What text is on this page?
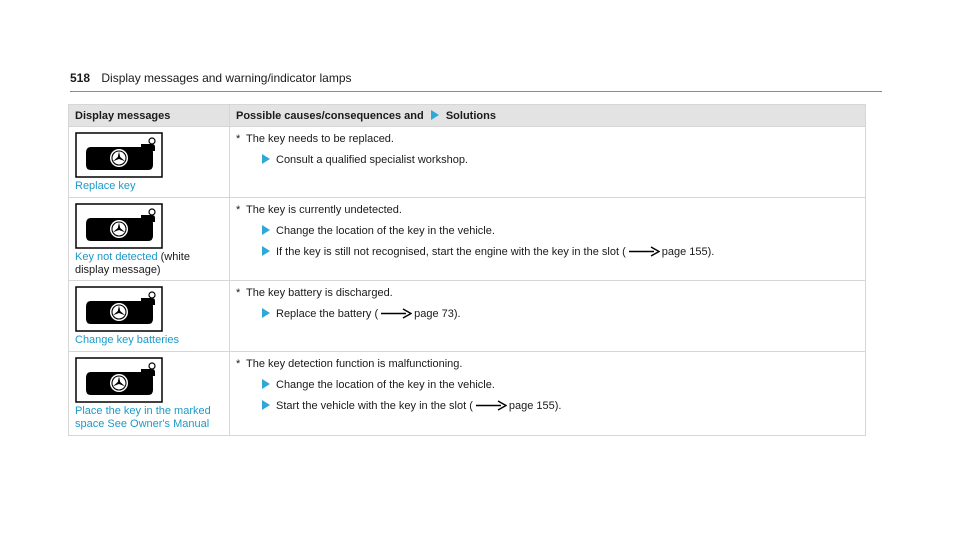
518 Display messages and warning/indicator lamps
Display messages	Possible causes/consequences and Solutions

Replace key	* The key needs to be replaced.
Consult a qualified specialist workshop.

Key not detected (white display message)	* The key is currently undetected.
Change the location of the key in the vehicle.
If the key is still not recognised, start the engine with the key in the slot ( page 155).

Change key batteries	* The key battery is discharged.
Replace the battery ( page 73).

Place the key in the marked space See Owner's Manual	* The key detection function is malfunctioning.
Change the location of the key in the vehicle.
Start the vehicle with the key in the slot ( page 155).
